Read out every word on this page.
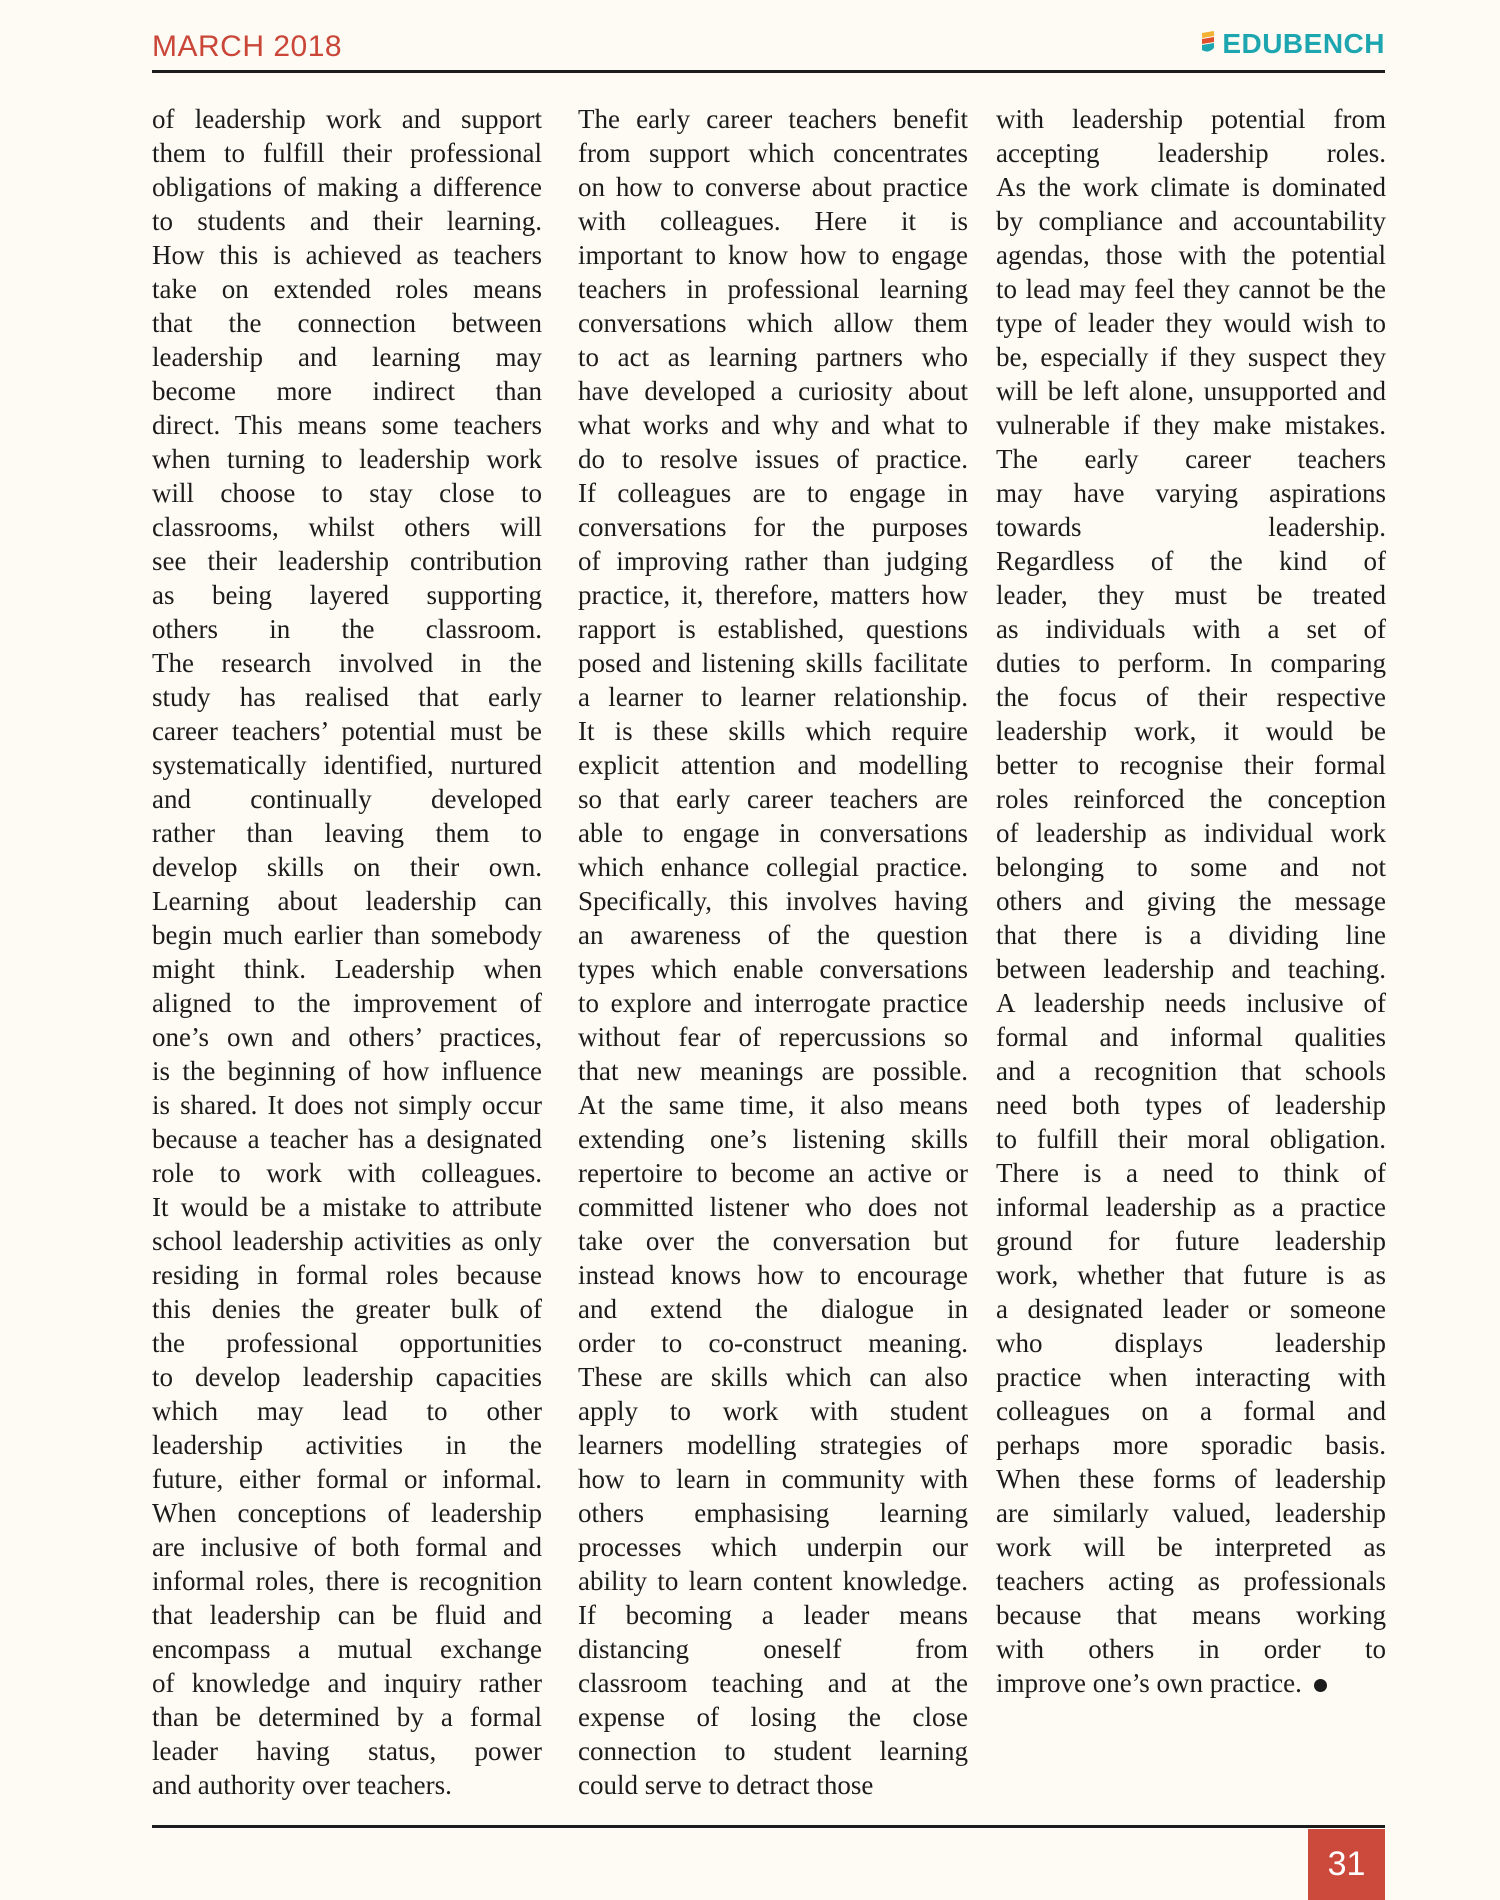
MARCH 2018	EDUBENCH
of leadership work and support
them to fulfill their professional
obligations of making a difference
to students and their learning.
How this is achieved as teachers
take on extended roles means
that the connection between
leadership and learning may
become more indirect than
direct. This means some teachers
when turning to leadership work
will choose to stay close to
classrooms, whilst others will
see their leadership contribution
as being layered supporting
others in the classroom.
The research involved in the
study has realised that early
career teachers’ potential must be
systematically identified, nurtured
and continually developed
rather than leaving them to
develop skills on their own.
Learning about leadership can
begin much earlier than somebody
might think. Leadership when
aligned to the improvement of
one’s own and others’ practices,
is the beginning of how influence
is shared. It does not simply occur
because a teacher has a designated
role to work with colleagues.
It would be a mistake to attribute
school leadership activities as only
residing in formal roles because
this denies the greater bulk of
the professional opportunities
to develop leadership capacities
which may lead to other
leadership activities in the
future, either formal or informal.
When conceptions of leadership
are inclusive of both formal and
informal roles, there is recognition
that leadership can be fluid and
encompass a mutual exchange
of knowledge and inquiry rather
than be determined by a formal
leader having status, power
and authority over teachers.
The early career teachers benefit
from support which concentrates
on how to converse about practice
with colleagues. Here it is
important to know how to engage
teachers in professional learning
conversations which allow them
to act as learning partners who
have developed a curiosity about
what works and why and what to
do to resolve issues of practice.
If colleagues are to engage in
conversations for the purposes
of improving rather than judging
practice, it, therefore, matters how
rapport is established, questions
posed and listening skills facilitate
a learner to learner relationship.
It is these skills which require
explicit attention and modelling
so that early career teachers are
able to engage in conversations
which enhance collegial practice.
Specifically, this involves having
an awareness of the question
types which enable conversations
to explore and interrogate practice
without fear of repercussions so
that new meanings are possible.
At the same time, it also means
extending one’s listening skills
repertoire to become an active or
committed listener who does not
take over the conversation but
instead knows how to encourage
and extend the dialogue in
order to co-construct meaning.
These are skills which can also
apply to work with student
learners modelling strategies of
how to learn in community with
others emphasising learning
processes which underpin our
ability to learn content knowledge.
If becoming a leader means
distancing oneself from
classroom teaching and at the
expense of losing the close
connection to student learning
could serve to detract those
with leadership potential from
accepting leadership roles.
As the work climate is dominated
by compliance and accountability
agendas, those with the potential
to lead may feel they cannot be the
type of leader they would wish to
be, especially if they suspect they
will be left alone, unsupported and
vulnerable if they make mistakes.
The early career teachers
may have varying aspirations
towards leadership.
Regardless of the kind of
leader, they must be treated
as individuals with a set of
duties to perform. In comparing
the focus of their respective
leadership work, it would be
better to recognise their formal
roles reinforced the conception
of leadership as individual work
belonging to some and not
others and giving the message
that there is a dividing line
between leadership and teaching.
A leadership needs inclusive of
formal and informal qualities
and a recognition that schools
need both types of leadership
to fulfill their moral obligation.
There is a need to think of
informal leadership as a practice
ground for future leadership
work, whether that future is as
a designated leader or someone
who displays leadership
practice when interacting with
colleagues on a formal and
perhaps more sporadic basis.
When these forms of leadership
are similarly valued, leadership
work will be interpreted as
teachers acting as professionals
because that means working
with others in order to
improve one’s own practice.
31
